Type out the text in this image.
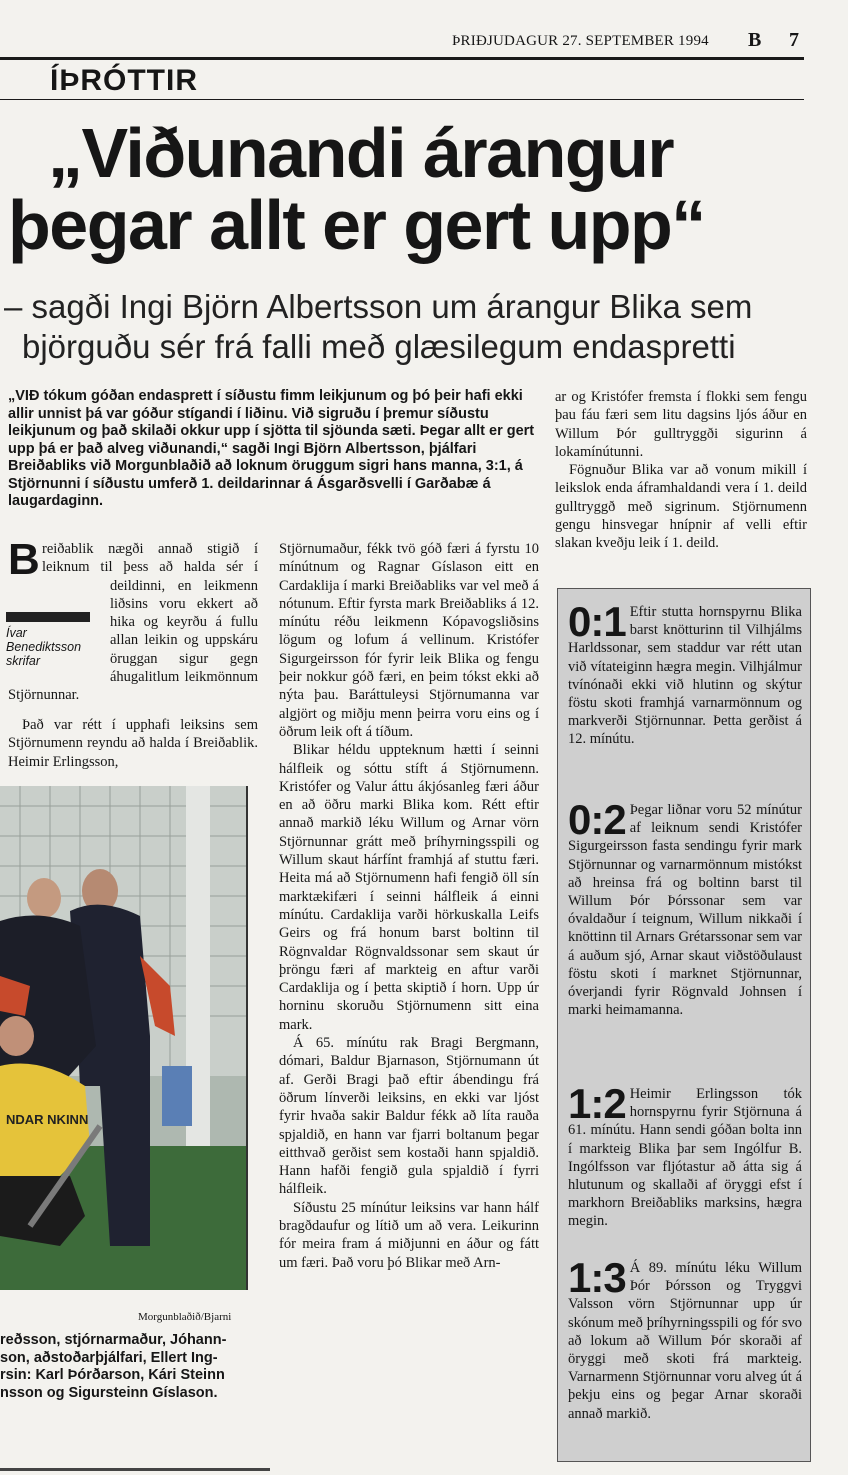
ÞRIÐJUDAGUR 27. SEPTEMBER 1994 B 7
ÍÞRÓTTIR
„Viðunandi árangur
þegar allt er gert upp“
– sagði Ingi Björn Albertsson um árangur Blika sem
björguðu sér frá falli með glæsilegum endaspretti
„VIÐ tókum góðan endasprett í síðustu fimm leikjunum og þó þeir hafi ekki allir unnist þá var góður stígandi í liðinu. Við sigruðu í þremur síðustu leikjunum og það skilaði okkur upp í sjötta til sjöunda sæti. Þegar allt er gert upp þá er það alveg viðunandi,“ sagði Ingi Björn Albertsson, þjálfari Breiðabliks við Morgunblaðið að loknum öruggum sigri hans manna, 3:1, á Stjörnunni í síðustu umferð 1. deildarinnar á Ásgarðsvelli í Garðabæ á laugardaginn.
B reiðablik nægði annað stigið í leiknum til þess að halda sér í deildinni, en leikmenn liðsins voru ekkert að hika og keyrðu á fullu allan leikin og uppskáru öruggan sigur gegn áhugalitlum leikmönnum Stjörnunnar.
Ívar Benediktsson skrifar

Það var rétt í upphafi leiksins sem Stjörnumenn reyndu að halda í Breiðablik. Heimir Erlingsson,

NDAR NKINN
Morgunblaðið/Bjarni
reðsson, stjórnarmaður, Jóhann-
son, aðstoðarþjálfari, Ellert Ing-
rsin: Karl Þórðarson, Kári Steinn
nsson og Sigursteinn Gíslason.

Stjörnumaður, fékk tvö góð færi á fyrstu 10 mínútnum og Ragnar Gíslason eitt en Cardaklija í marki Breiðabliks var vel með á nótunum. Eftir fyrsta mark Breiðabliks á 12. mínútu réðu leikmenn Kópavogsliðsins lögum og lofum á vellinum. Kristófer Sigurgeirsson fór fyrir leik Blika og fengu þeir nokkur góð færi, en þeim tókst ekki að nýta þau. Baráttuleysi Stjörnumanna var algjört og miðju menn þeirra voru eins og í öðrum leik oft á tíðum.

Blikar héldu uppteknum hætti í seinni hálfleik og sóttu stíft á Stjörnumenn. Kristófer og Valur áttu ákjósanleg færi áður en að öðru marki Blika kom. Rétt eftir annað markið léku Willum og Arnar vörn Stjörnunnar grátt með þríhyrningsspili og Willum skaut hárfínt framhjá af stuttu færi. Heita má að Stjörnumenn hafi fengið öll sín marktækifæri í seinni hálfleik á einni mínútu. Cardaklija varði hörkuskalla Leifs Geirs og frá honum barst boltinn til Rögnvaldar Rögnvaldssonar sem skaut úr þröngu færi af markteig en aftur varði Cardaklija og í þetta skiptið í horn. Upp úr horninu skoruðu Stjörnumenn sitt eina mark.

Á 65. mínútu rak Bragi Bergmann, dómari, Baldur Bjarnason, Stjörnumann út af. Gerði Bragi það eftir ábendingu frá öðrum línverði leiksins, en ekki var ljóst fyrir hvaða sakir Baldur fékk að líta rauða spjaldið, en hann var fjarri boltanum þegar eitthvað gerðist sem kostaði hann spjaldið. Hann hafði fengið gula spjaldið í fyrri hálfleik.

Síðustu 25 mínútur leiksins var hann hálf bragðdaufur og lítið um að vera. Leikurinn fór meira fram á miðjunni en áður og fátt um færi. Það voru þó Blikar með Arn-

ar og Kristófer fremsta í flokki sem fengu þau fáu færi sem litu dagsins ljós áður en Willum Þór gulltryggði sigurinn á lokamínútunni.

Fögnuður Blika var að vonum mikill í leikslok enda áframhaldandi vera í 1. deild gulltryggð með sigrinum. Stjörnumenn gengu hinsvegar hnípnir af velli eftir slakan kveðju leik í 1. deild.

0:1 Eftir stutta hornspyrnu Blika barst knötturinn til Vilhjálms Harldssonar, sem staddur var rétt utan við vítateiginn hægra megin. Vilhjálmur tvínónaði ekki við hlutinn og skýtur föstu skoti framhjá varnarmönnum og markverði Stjörnunnar. Þetta gerðist á 12. mínútu.
0:2 Þegar liðnar voru 52 mínútur af leiknum sendi Kristófer Sigurgeirsson fasta sendingu fyrir mark Stjörnunnar og varnarmönnum mistókst að hreinsa frá og boltinn barst til Willum Þór Þórssonar sem var óvaldaður í teignum, Willum nikkaði í knöttinn til Arnars Grétarssonar sem var á auðum sjó, Arnar skaut viðstöðulaust föstu skoti í marknet Stjörnunnar, óverjandi fyrir Rögnvald Johnsen í marki heimamanna.
1:2 Heimir Erlingsson tók hornspyrnu fyrir Stjörnuna á 61. mínútu. Hann sendi góðan bolta inn í markteig Blika þar sem Ingólfur B. Ingólfsson var fljótastur að átta sig á hlutunum og skallaði af öryggi efst í markhorn Breiðabliks marksins, hægra megin.
1:3 Á 89. mínútu léku Willum Þór Þórsson og Tryggvi Valsson vörn Stjörnunnar upp úr skónum með þríhyrningsspili og fór svo að lokum að Willum Þór skoraði af öryggi með skoti frá markteig. Varnarmenn Stjörnunnar voru alveg út á þekju eins og þegar Arnar skoraði annað markið.
